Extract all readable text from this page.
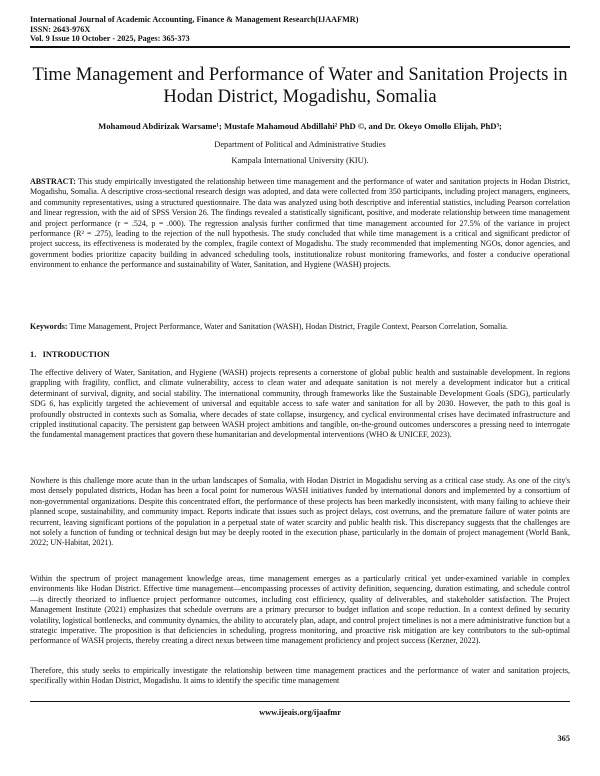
International Journal of Academic Accounting, Finance & Management Research(IJAAFMR)
ISSN: 2643-976X
Vol. 9 Issue 10 October - 2025, Pages: 365-373
Time Management and Performance of Water and Sanitation Projects in Hodan District, Mogadishu, Somalia
Mohamoud Abdirizak Warsame¹; Mustafe Mahamoud Abdillahi² PhD ©, and Dr. Okeyo Omollo Elijah, PhD³;
Department of Political and Administrative Studies
Kampala International University (KIU).
ABSTRACT: This study empirically investigated the relationship between time management and the performance of water and sanitation projects in Hodan District, Mogadishu, Somalia. A descriptive cross-sectional research design was adopted, and data were collected from 350 participants, including project managers, engineers, and community representatives, using a structured questionnaire. The data was analyzed using both descriptive and inferential statistics, including Pearson correlation and linear regression, with the aid of SPSS Version 26. The findings revealed a statistically significant, positive, and moderate relationship between time management and project performance (r = .524, p = .000). The regression analysis further confirmed that time management accounted for 27.5% of the variance in project performance (R² = .275), leading to the rejection of the null hypothesis. The study concluded that while time management is a critical and significant predictor of project success, its effectiveness is moderated by the complex, fragile context of Mogadishu. The study recommended that implementing NGOs, donor agencies, and government bodies prioritize capacity building in advanced scheduling tools, institutionalize robust monitoring frameworks, and foster a conducive operational environment to enhance the performance and sustainability of Water, Sanitation, and Hygiene (WASH) projects.
Keywords: Time Management, Project Performance, Water and Sanitation (WASH), Hodan District, Fragile Context, Pearson Correlation, Somalia.
1.   INTRODUCTION
The effective delivery of Water, Sanitation, and Hygiene (WASH) projects represents a cornerstone of global public health and sustainable development. In regions grappling with fragility, conflict, and climate vulnerability, access to clean water and adequate sanitation is not merely a development indicator but a critical determinant of survival, dignity, and social stability. The international community, through frameworks like the Sustainable Development Goals (SDG), particularly SDG 6, has explicitly targeted the achievement of universal and equitable access to safe water and sanitation for all by 2030. However, the path to this goal is profoundly obstructed in contexts such as Somalia, where decades of state collapse, insurgency, and cyclical environmental crises have decimated infrastructure and crippled institutional capacity. The persistent gap between WASH project ambitions and tangible, on-the-ground outcomes underscores a pressing need to interrogate the fundamental management practices that govern these humanitarian and developmental interventions (WHO & UNICEF, 2023).
Nowhere is this challenge more acute than in the urban landscapes of Somalia, with Hodan District in Mogadishu serving as a critical case study. As one of the city's most densely populated districts, Hodan has been a focal point for numerous WASH initiatives funded by international donors and implemented by a consortium of non-governmental organizations. Despite this concentrated effort, the performance of these projects has been markedly inconsistent, with many failing to achieve their planned scope, sustainability, and community impact. Reports indicate that issues such as project delays, cost overruns, and the premature failure of water points are recurrent, leaving significant portions of the population in a perpetual state of water scarcity and public health risk. This discrepancy suggests that the challenges are not solely a function of funding or technical design but may be deeply rooted in the execution phase, particularly in the domain of project management (World Bank, 2022; UN-Habitat, 2021).
Within the spectrum of project management knowledge areas, time management emerges as a particularly critical yet under-examined variable in complex environments like Hodan District. Effective time management—encompassing processes of activity definition, sequencing, duration estimating, and schedule control—is directly theorized to influence project performance outcomes, including cost efficiency, quality of deliverables, and stakeholder satisfaction. The Project Management Institute (2021) emphasizes that schedule overruns are a primary precursor to budget inflation and scope reduction. In a context defined by security volatility, logistical bottlenecks, and community dynamics, the ability to accurately plan, adapt, and control project timelines is not a mere administrative function but a strategic imperative. The proposition is that deficiencies in scheduling, progress monitoring, and proactive risk mitigation are key contributors to the sub-optimal performance of WASH projects, thereby creating a direct nexus between time management proficiency and project success (Kerzner, 2022).
Therefore, this study seeks to empirically investigate the relationship between time management practices and the performance of water and sanitation projects, specifically within Hodan District, Mogadishu. It aims to identify the specific time management
www.ijeais.org/ijaafmr
365
